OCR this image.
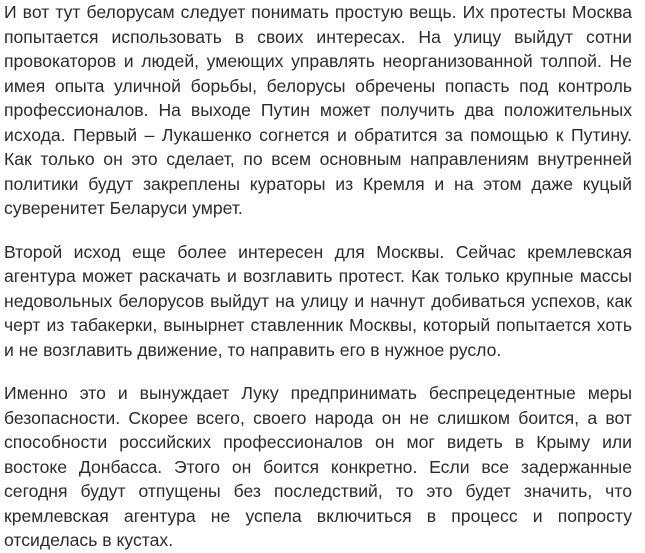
И вот тут белорусам следует понимать простую вещь. Их протесты Москва попытается использовать в своих интересах. На улицу выйдут сотни провокаторов и людей, умеющих управлять неорганизованной толпой. Не имея опыта уличной борьбы, белорусы обречены попасть под контроль профессионалов. На выходе Путин может получить два положительных исхода. Первый – Лукашенко согнется и обратится за помощью к Путину. Как только он это сделает, по всем основным направлениям внутренней политики будут закреплены кураторы из Кремля и на этом даже куцый суверенитет Беларуси умрет.

Второй исход еще более интересен для Москвы. Сейчас кремлевская агентура может раскачать и возглавить протест. Как только крупные массы недовольных белорусов выйдут на улицу и начнут добиваться успехов, как черт из табакерки, вынырнет ставленник Москвы, который попытается хоть и не возглавить движение, то направить его в нужное русло.

Именно это и вынуждает Луку предпринимать беспрецедентные меры безопасности. Скорее всего, своего народа он не слишком боится, а вот способности российских профессионалов он мог видеть в Крыму или востоке Донбасса. Этого он боится конкретно. Если все задержанные сегодня будут отпущены без последствий, то это будет значить, что кремлевская агентура не успела включиться в процесс и попросту отсиделась в кустах.
